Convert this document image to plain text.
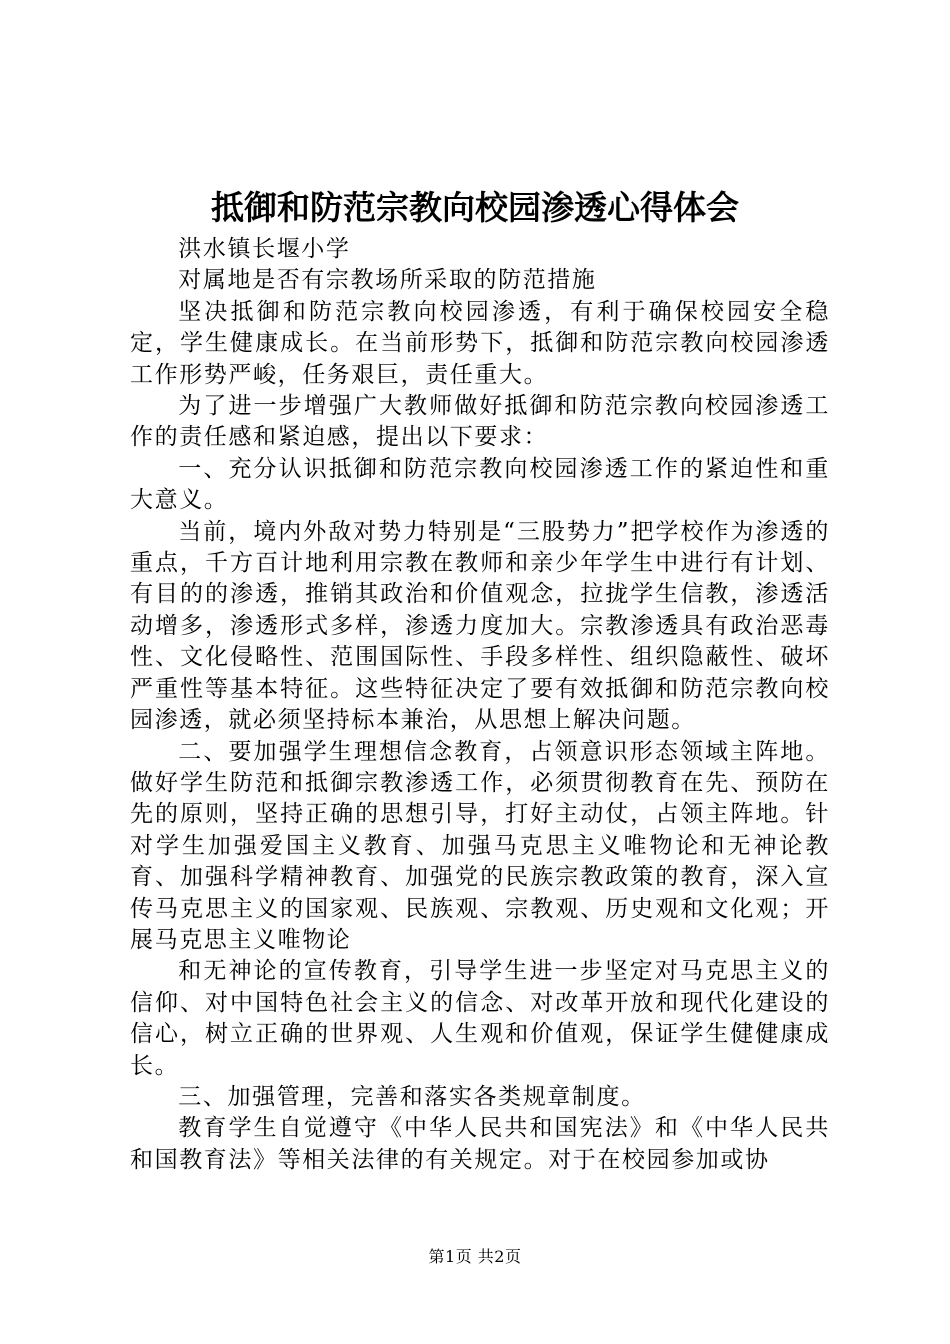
抵御和防范宗教向校园渗透心得体会

洪水镇长堰小学

对属地是否有宗教场所采取的防范措施

坚决抵御和防范宗教向校园渗透，有利于确保校园安全稳定，学生健康成长。在当前形势下，抵御和防范宗教向校园渗透工作形势严峻，任务艰巨，责任重大。

为了进一步增强广大教师做好抵御和防范宗教向校园渗透工作的责任感和紧迫感，提出以下要求：

一、充分认识抵御和防范宗教向校园渗透工作的紧迫性和重大意义。

当前，境内外敌对势力特别是“三股势力”把学校作为渗透的重点，千方百计地利用宗教在教师和亲少年学生中进行有计划、有目的的渗透，推销其政治和价值观念，拉拢学生信教，渗透活动增多，渗透形式多样，渗透力度加大。宗教渗透具有政治恶毒性、文化侵略性、范围国际性、手段多样性、组织隐蔽性、破坏严重性等基本特征。这些特征决定了要有效抵御和防范宗教向校园渗透，就必须坚持标本兼治，从思想上解决问题。

二、要加强学生理想信念教育，占领意识形态领域主阵地。做好学生防范和抵御宗教渗透工作，必须贯彻教育在先、预防在先的原则，坚持正确的思想引导，打好主动仗，占领主阵地。针对学生加强爱国主义教育、加强马克思主义唯物论和无神论教育、加强科学精神教育、加强党的民族宗教政策的教育，深入宣传马克思主义的国家观、民族观、宗教观、历史观和文化观；开展马克思主义唯物论

和无神论的宣传教育，引导学生进一步坚定对马克思主义的信仰、对中国特色社会主义的信念、对改革开放和现代化建设的信心，树立正确的世界观、人生观和价值观，保证学生健健康成长。

三、加强管理，完善和落实各类规章制度。

教育学生自觉遵守《中华人民共和国宪法》和《中华人民共和国教育法》等相关法律的有关规定。对于在校园参加或协

第1页 共2页
